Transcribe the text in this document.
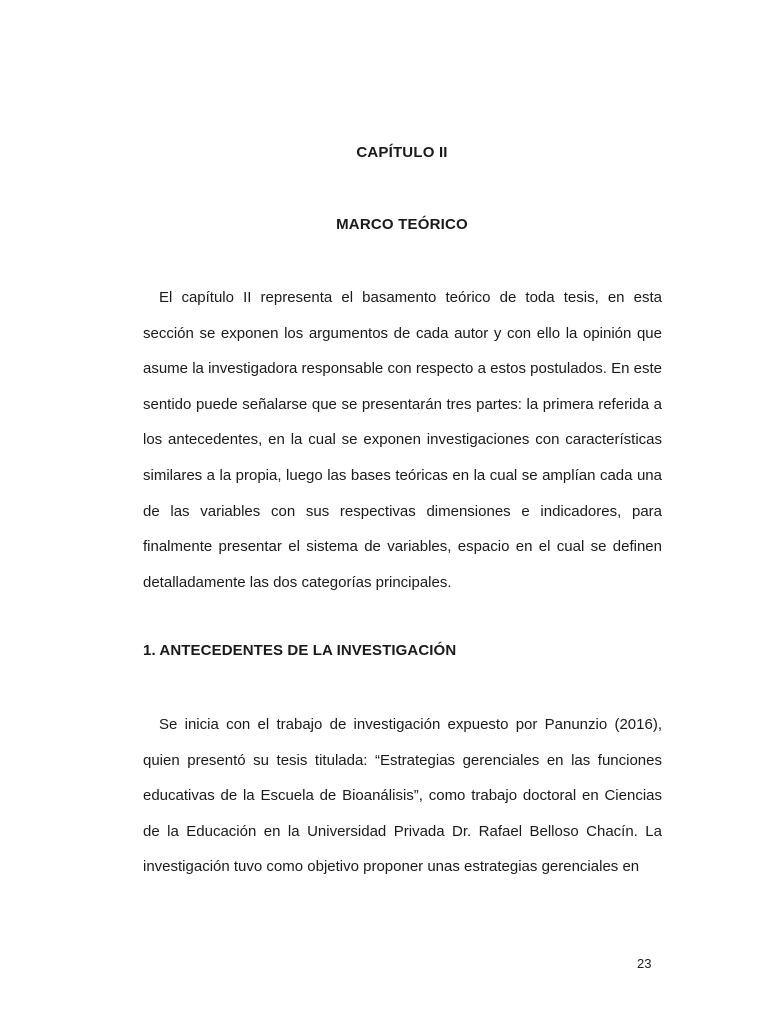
CAPÍTULO II
MARCO TEÓRICO

El capítulo II representa el basamento teórico de toda tesis, en esta sección se exponen los argumentos de cada autor y con ello la opinión que asume la investigadora responsable con respecto a estos postulados. En este sentido puede señalarse que se presentarán tres partes: la primera referida a los antecedentes, en la cual se exponen investigaciones con características similares a la propia, luego las bases teóricas en la cual se amplían cada una de las variables con sus respectivas dimensiones e indicadores, para finalmente presentar el sistema de variables, espacio en el cual se definen detalladamente las dos categorías principales.

1. ANTECEDENTES DE LA INVESTIGACIÓN

Se inicia con el trabajo de investigación expuesto por Panunzio (2016), quien presentó su tesis titulada: “Estrategias gerenciales en las funciones educativas de la Escuela de Bioanálisis”, como trabajo doctoral en Ciencias de la Educación en la Universidad Privada Dr. Rafael Belloso Chacín. La investigación tuvo como objetivo proponer unas estrategias gerenciales en

23
